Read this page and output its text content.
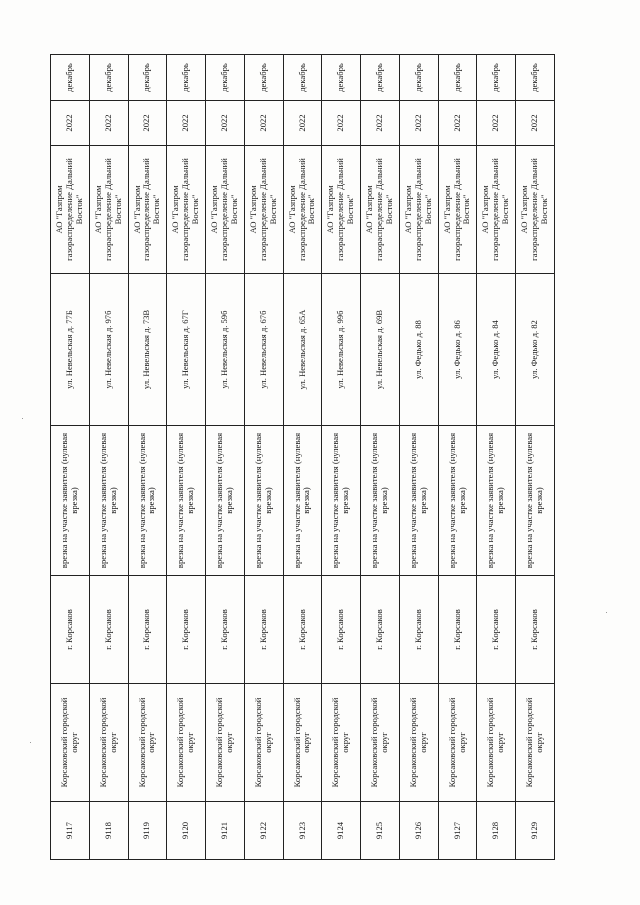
9117	Корсаковский городской округ	г. Корсаков	врезка на участке заявителя (нулевая врезка)	ул. Невельская д. 77Б	АО "Газпром газораспределение Дальний Восток"	2022	декабрь
9118	Корсаковский городской округ	г. Корсаков	врезка на участке заявителя (нулевая врезка)	ул. Невельская д. 97б	АО "Газпром газораспределение Дальний Восток"	2022	декабрь
9119	Корсаковский городской округ	г. Корсаков	врезка на участке заявителя (нулевая врезка)	ул. Невельская д. 73В	АО "Газпром газораспределение Дальний Восток"	2022	декабрь
9120	Корсаковский городской округ	г. Корсаков	врезка на участке заявителя (нулевая врезка)	ул. Невельская д. 67Г	АО "Газпром газораспределение Дальний Восток"	2022	декабрь
9121	Корсаковский городской округ	г. Корсаков	врезка на участке заявителя (нулевая врезка)	ул. Невельская д. 59б	АО "Газпром газораспределение Дальний Восток"	2022	декабрь
9122	Корсаковский городской округ	г. Корсаков	врезка на участке заявителя (нулевая врезка)	ул. Невельская д. 67б	АО "Газпром газораспределение Дальний Восток"	2022	декабрь
9123	Корсаковский городской округ	г. Корсаков	врезка на участке заявителя (нулевая врезка)	ул. Невельская д. 65А	АО "Газпром газораспределение Дальний Восток"	2022	декабрь
9124	Корсаковский городской округ	г. Корсаков	врезка на участке заявителя (нулевая врезка)	ул. Невельская д. 99б	АО "Газпром газораспределение Дальний Восток"	2022	декабрь
9125	Корсаковский городской округ	г. Корсаков	врезка на участке заявителя (нулевая врезка)	ул. Невельская д. 69В	АО "Газпром газораспределение Дальний Восток"	2022	декабрь
9126	Корсаковский городской округ	г. Корсаков	врезка на участке заявителя (нулевая врезка)	ул. Федько д. 88	АО "Газпром газораспределение Дальний Восток"	2022	декабрь
9127	Корсаковский городской округ	г. Корсаков	врезка на участке заявителя (нулевая врезка)	ул. Федько д. 86	АО "Газпром газораспределение Дальний Восток"	2022	декабрь
9128	Корсаковский городской округ	г. Корсаков	врезка на участке заявителя (нулевая врезка)	ул. Федько д. 84	АО "Газпром газораспределение Дальний Восток"	2022	декабрь
9129	Корсаковский городской округ	г. Корсаков	врезка на участке заявителя (нулевая врезка)	ул. Федько д. 82	АО "Газпром газораспределение Дальний Восток"	2022	декабрь
